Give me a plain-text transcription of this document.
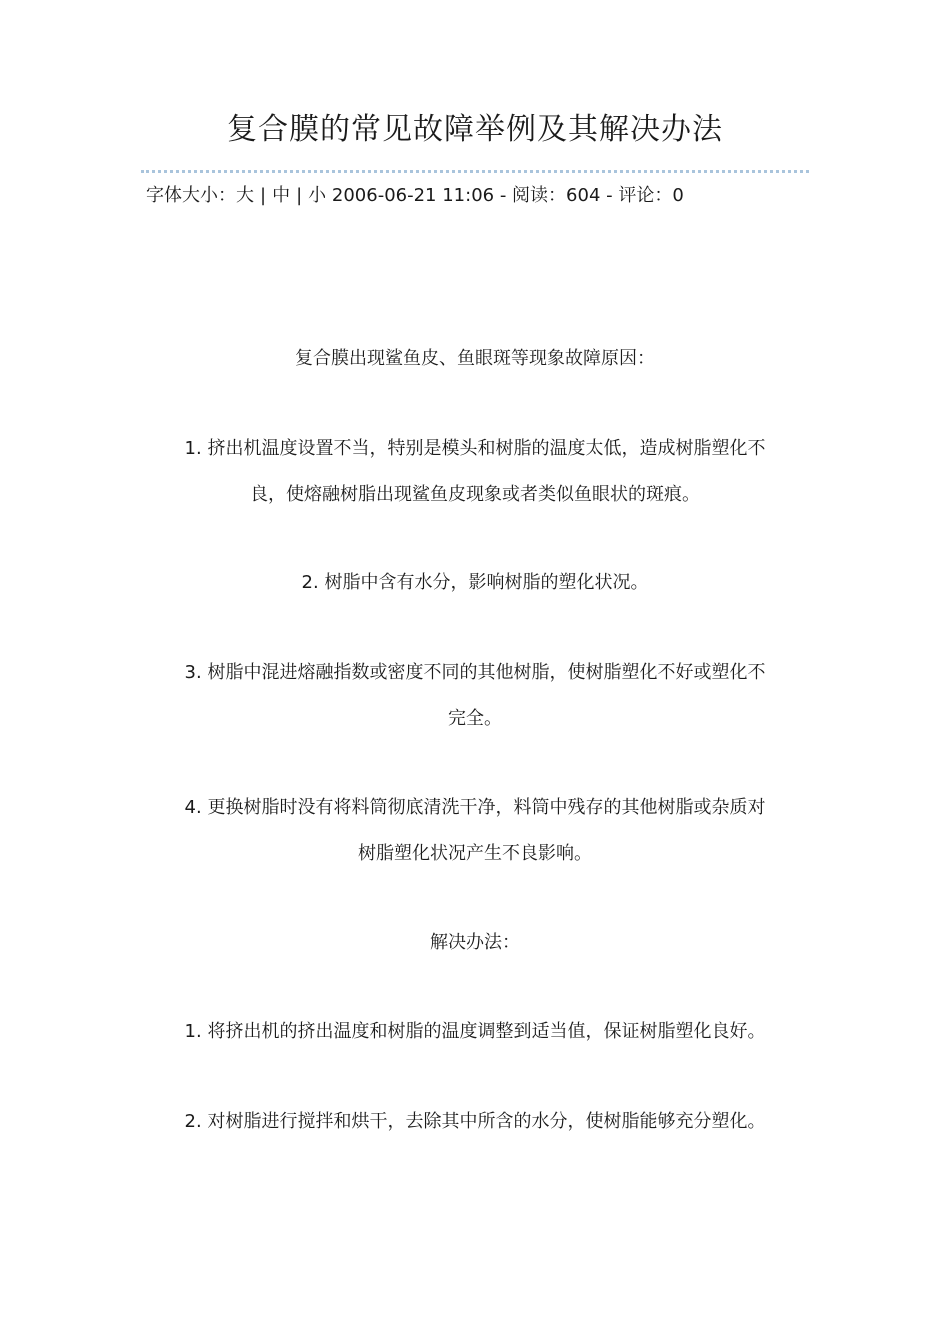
复合膜的常见故障举例及其解决办法
字体大小：大 | 中 | 小 2006-06-21 11:06 - 阅读：604 - 评论：0
复合膜出现鲨鱼皮、鱼眼斑等现象故障原因：
1. 挤出机温度设置不当，特别是模头和树脂的温度太低，造成树脂塑化不
良，使熔融树脂出现鲨鱼皮现象或者类似鱼眼状的斑痕。
2. 树脂中含有水分，影响树脂的塑化状况。
3. 树脂中混进熔融指数或密度不同的其他树脂，使树脂塑化不好或塑化不
完全。
4. 更换树脂时没有将料筒彻底清洗干净，料筒中残存的其他树脂或杂质对
树脂塑化状况产生不良影响。
解决办法：
1. 将挤出机的挤出温度和树脂的温度调整到适当值，保证树脂塑化良好。
2. 对树脂进行搅拌和烘干，去除其中所含的水分，使树脂能够充分塑化。
